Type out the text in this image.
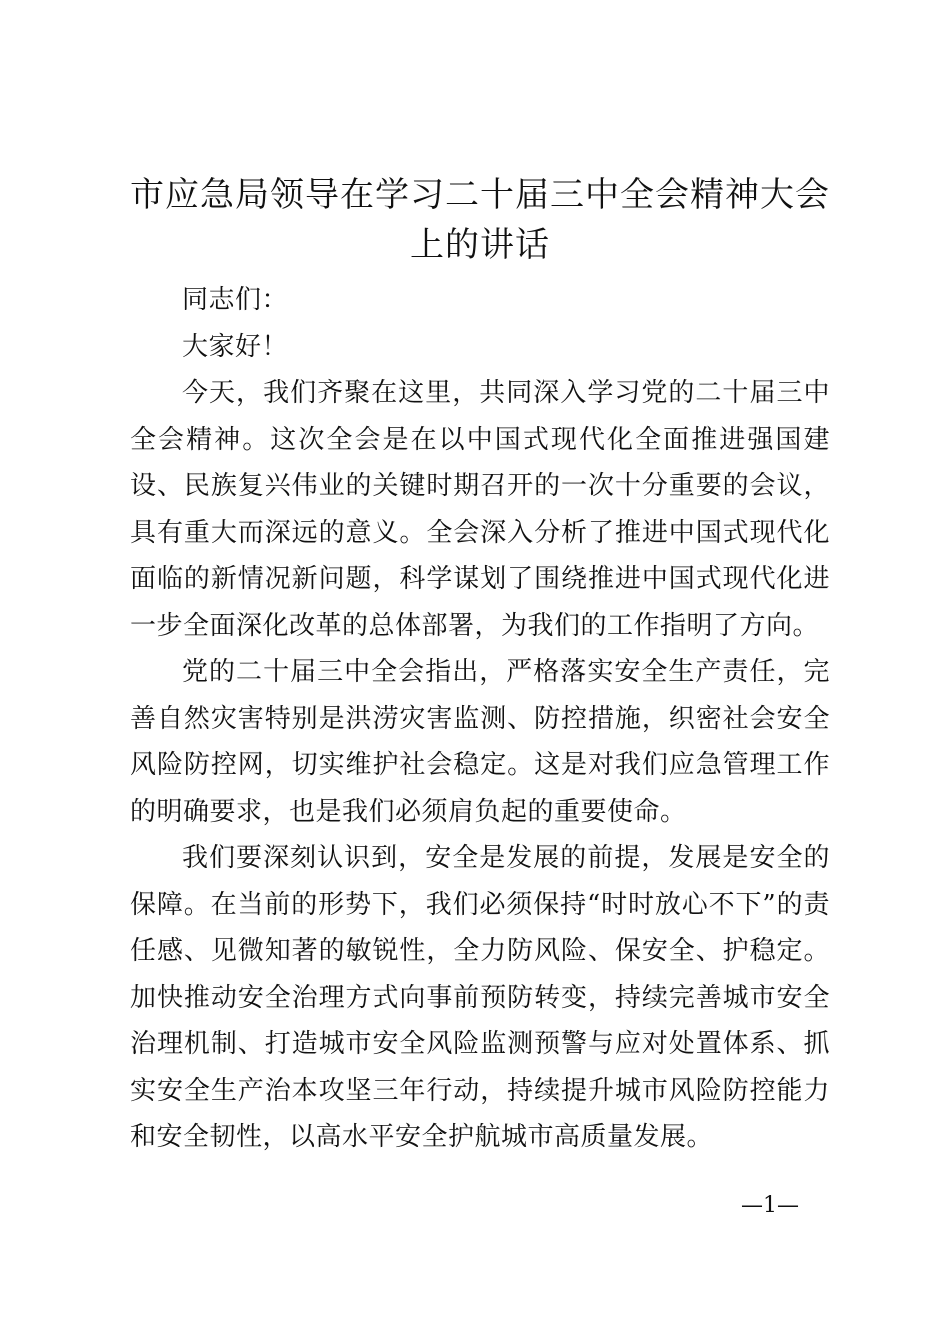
市应急局领导在学习二十届三中全会精神大会上的讲话

同志们：

大家好！

今天，我们齐聚在这里，共同深入学习党的二十届三中全会精神。这次全会是在以中国式现代化全面推进强国建设、民族复兴伟业的关键时期召开的一次十分重要的会议，具有重大而深远的意义。全会深入分析了推进中国式现代化面临的新情况新问题，科学谋划了围绕推进中国式现代化进一步全面深化改革的总体部署，为我们的工作指明了方向。

党的二十届三中全会指出，严格落实安全生产责任，完善自然灾害特别是洪涝灾害监测、防控措施，织密社会安全风险防控网，切实维护社会稳定。这是对我们应急管理工作的明确要求，也是我们必须肩负起的重要使命。

我们要深刻认识到，安全是发展的前提，发展是安全的保障。在当前的形势下，我们必须保持“时时放心不下”的责任感、见微知著的敏锐性，全力防风险、保安全、护稳定。加快推动安全治理方式向事前预防转变，持续完善城市安全治理机制、打造城市安全风险监测预警与应对处置体系、抓实安全生产治本攻坚三年行动，持续提升城市风险防控能力和安全韧性，以高水平安全护航城市高质量发展。

—1—
